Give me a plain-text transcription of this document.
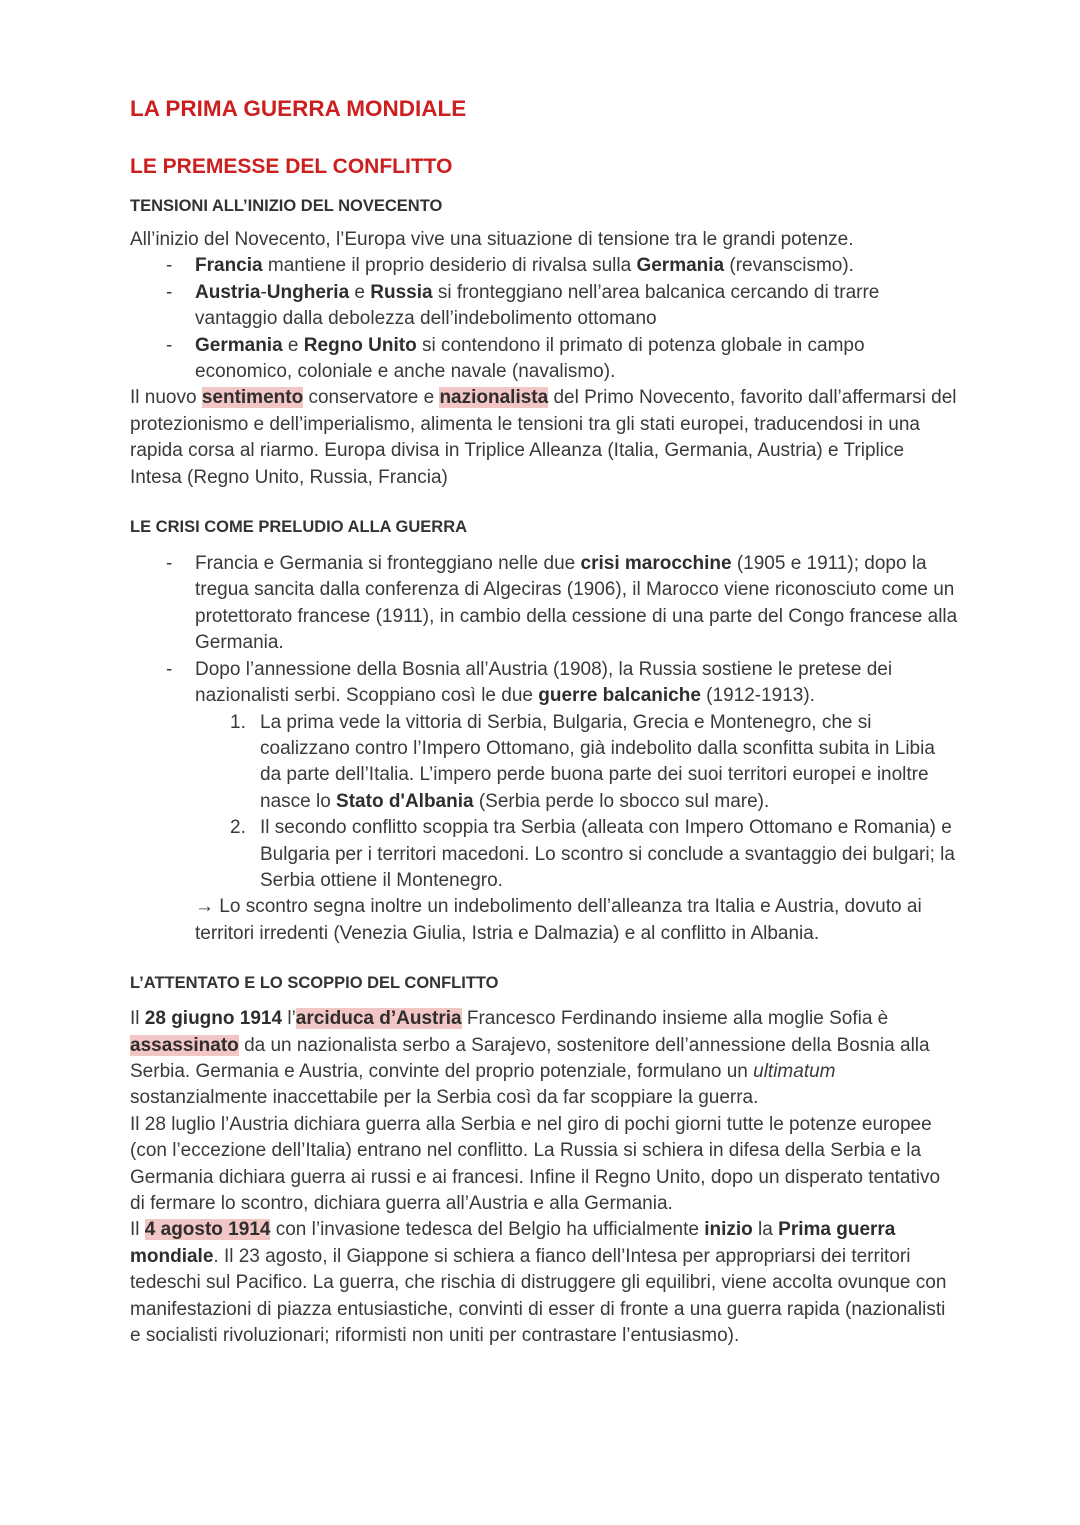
LA PRIMA GUERRA MONDIALE
LE PREMESSE DEL CONFLITTO
TENSIONI ALL’INIZIO DEL NOVECENTO

All’inizio del Novecento, l’Europa vive una situazione di tensione tra le grandi potenze.

- Francia mantiene il proprio desiderio di rivalsa sulla Germania (revanscismo).
- Austria-Ungheria e Russia si fronteggiano nell’area balcanica cercando di trarre vantaggio dalla debolezza dell’indebolimento ottomano
- Germania e Regno Unito si contendono il primato di potenza globale in campo economico, coloniale e anche navale (navalismo).

Il nuovo sentimento conservatore e nazionalista del Primo Novecento, favorito dall’affermarsi del protezionismo e dell’imperialismo, alimenta le tensioni tra gli stati europei, traducendosi in una rapida corsa al riarmo. Europa divisa in Triplice Alleanza (Italia, Germania, Austria) e Triplice Intesa (Regno Unito, Russia, Francia)

LE CRISI COME PRELUDIO ALLA GUERRA
- Francia e Germania si fronteggiano nelle due crisi marocchine (1905 e 1911); dopo la tregua sancita dalla conferenza di Algeciras (1906), il Marocco viene riconosciuto come un protettorato francese (1911), in cambio della cessione di una parte del Congo francese alla Germania.
- Dopo l’annessione della Bosnia all’Austria (1908), la Russia sostiene le pretese dei nazionalisti serbi. Scoppiano così le due guerre balcaniche (1912-1913).
1. La prima vede la vittoria di Serbia, Bulgaria, Grecia e Montenegro, che si coalizzano contro l’Impero Ottomano, già indebolito dalla sconfitta subita in Libia da parte dell’Italia. L’impero perde buona parte dei suoi territori europei e inoltre nasce lo Stato d'Albania (Serbia perde lo sbocco sul mare).
2. Il secondo conflitto scoppia tra Serbia (alleata con Impero Ottomano e Romania) e Bulgaria per i territori macedoni. Lo scontro si conclude a svantaggio dei bulgari; la Serbia ottiene il Montenegro.

→ Lo scontro segna inoltre un indebolimento dell’alleanza tra Italia e Austria, dovuto ai territori irredenti (Venezia Giulia, Istria e Dalmazia) e al conflitto in Albania.

L’ATTENTATO E LO SCOPPIO DEL CONFLITTO

Il 28 giugno 1914 l’arciduca d’Austria Francesco Ferdinando insieme alla moglie Sofia è assassinato da un nazionalista serbo a Sarajevo, sostenitore dell’annessione della Bosnia alla Serbia. Germania e Austria, convinte del proprio potenziale, formulano un ultimatum sostanzialmente inaccettabile per la Serbia così da far scoppiare la guerra.

Il 28 luglio l’Austria dichiara guerra alla Serbia e nel giro di pochi giorni tutte le potenze europee (con l’eccezione dell’Italia) entrano nel conflitto. La Russia si schiera in difesa della Serbia e la Germania dichiara guerra ai russi e ai francesi. Infine il Regno Unito, dopo un disperato tentativo di fermare lo scontro, dichiara guerra all’Austria e alla Germania.

Il 4 agosto 1914 con l’invasione tedesca del Belgio ha ufficialmente inizio la Prima guerra mondiale. Il 23 agosto, il Giappone si schiera a fianco dell’Intesa per appropriarsi dei territori tedeschi sul Pacifico. La guerra, che rischia di distruggere gli equilibri, viene accolta ovunque con manifestazioni di piazza entusiastiche, convinti di esser di fronte a una guerra rapida (nazionalisti e socialisti rivoluzionari; riformisti non uniti per contrastare l’entusiasmo).
